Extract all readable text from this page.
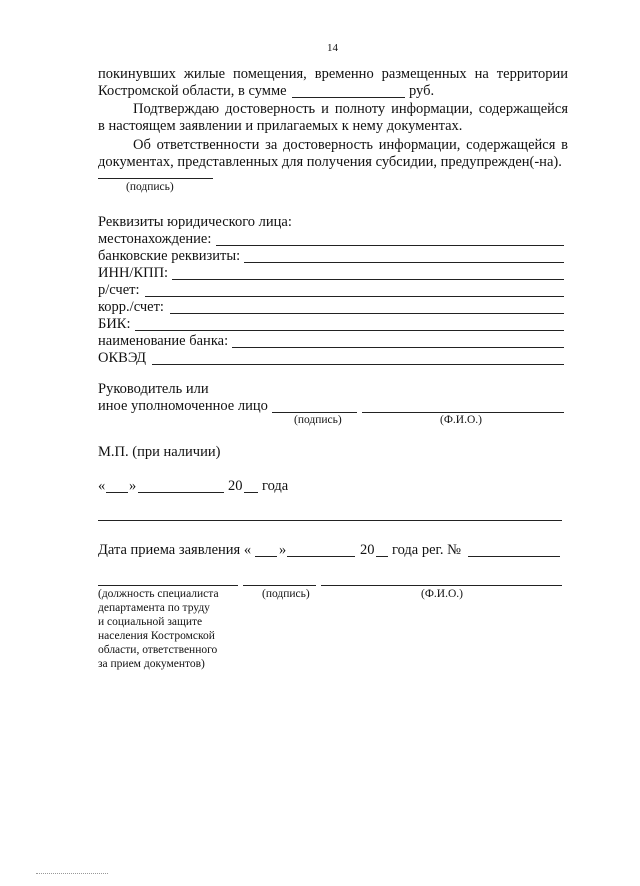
14
покинувших жилые помещения, временно размещенных на территории
Костромской области, в сумме	руб.
Подтверждаю достоверность и полноту информации, содержащейся
в настоящем заявлении и прилагаемых к нему документах.
Об ответственности за достоверность информации, содержащейся в
документах, представленных для получения субсидии, предупрежден(-на).
(подпись)
Реквизиты юридического лица:
местонахождение:
банковские реквизиты:
ИНН/КПП:
р/счет:
корр./счет:
БИК:
наименование банка:
ОКВЭД
Руководитель или
иное уполномоченное лицо
(подпись)	(Ф.И.О.)
М.П. (при наличии)
« »	20 года
Дата приема заявления « »	20 года рег. №
(должность специалиста
департамента по труду
и социальной защите
населения Костромской
области, ответственного
за прием документов)
(подпись)	(Ф.И.О.)
